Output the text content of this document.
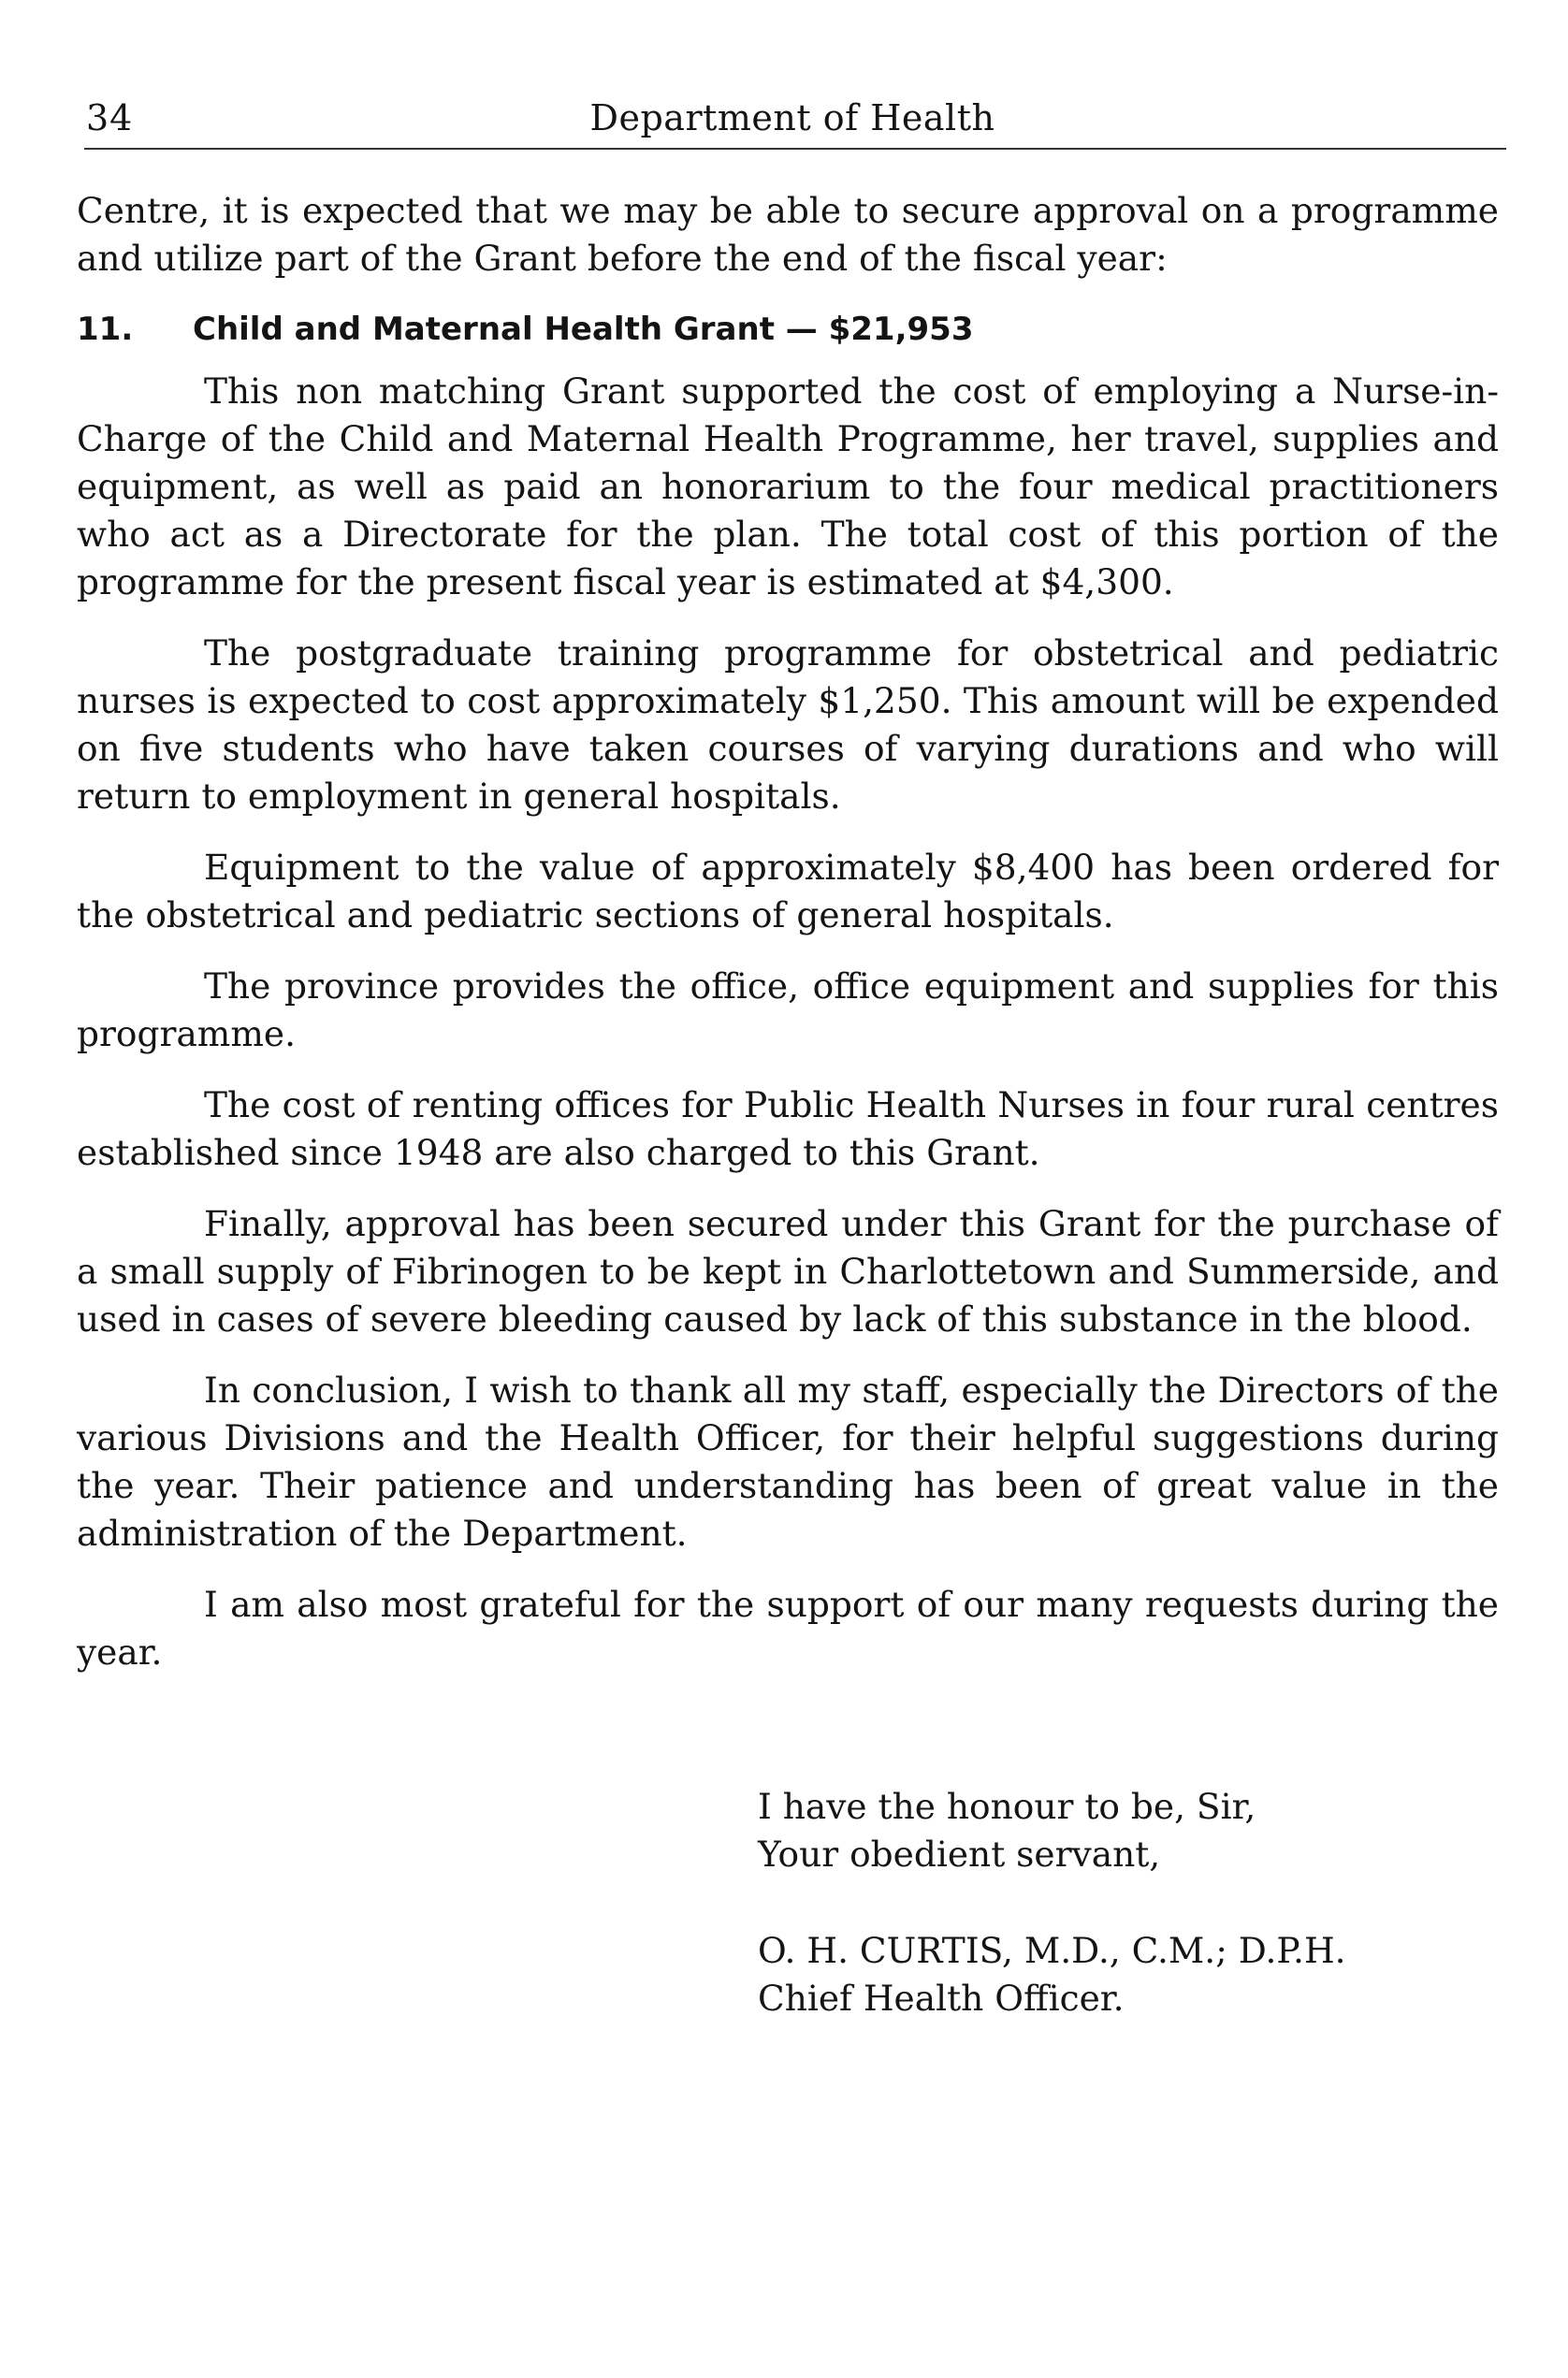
34	Department of Health

Centre, it is expected that we may be able to secure approval on a programme and utilize part of the Grant before the end of the fiscal year:

11. Child and Maternal Health Grant — $21,953

This non matching Grant supported the cost of employing a Nurse-in-Charge of the Child and Maternal Health Programme, her travel, supplies and equipment, as well as paid an honorarium to the four medical practitioners who act as a Directorate for the plan. The total cost of this portion of the programme for the present fiscal year is estimated at $4,300.

The postgraduate training programme for obstetrical and pediatric nurses is expected to cost approximately $1,250. This amount will be expended on five students who have taken courses of varying durations and who will return to employment in general hospitals.

Equipment to the value of approximately $8,400 has been ordered for the obstetrical and pediatric sections of general hospitals.

The province provides the office, office equipment and supplies for this programme.

The cost of renting offices for Public Health Nurses in four rural centres established since 1948 are also charged to this Grant.

Finally, approval has been secured under this Grant for the purchase of a small supply of Fibrinogen to be kept in Charlottetown and Summerside, and used in cases of severe bleeding caused by lack of this substance in the blood.

In conclusion, I wish to thank all my staff, especially the Directors of the various Divisions and the Health Officer, for their helpful suggestions during the year. Their patience and understanding has been of great value in the administration of the Department.

I am also most grateful for the support of our many requests during the year.

I have the honour to be, Sir,
Your obedient servant,
O. H. CURTIS, M.D., C.M.; D.P.H.
Chief Health Officer.
